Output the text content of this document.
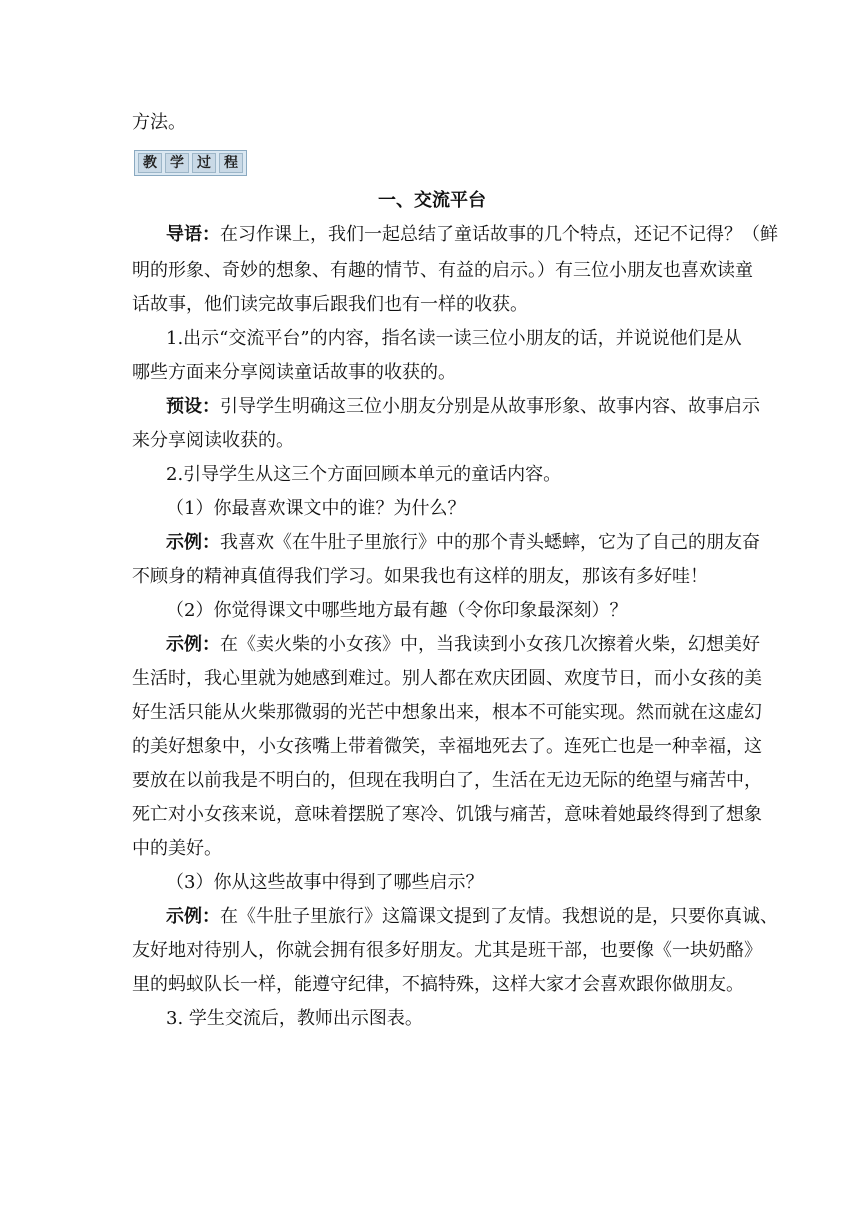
方法。
教 学 过 程
一、交流平台
导语：在习作课上，我们一起总结了童话故事的几个特点，还记不记得？（鲜
明的形象、奇妙的想象、有趣的情节、有益的启示。）有三位小朋友也喜欢读童
话故事，他们读完故事后跟我们也有一样的收获。
1.出示“交流平台”的内容，指名读一读三位小朋友的话，并说说他们是从
哪些方面来分享阅读童话故事的收获的。
预设：引导学生明确这三位小朋友分别是从故事形象、故事内容、故事启示
来分享阅读收获的。
2.引导学生从这三个方面回顾本单元的童话内容。
（1）你最喜欢课文中的谁？为什么？
示例：我喜欢《在牛肚子里旅行》中的那个青头蟋蟀，它为了自己的朋友奋
不顾身的精神真值得我们学习。如果我也有这样的朋友，那该有多好哇！
（2）你觉得课文中哪些地方最有趣（令你印象最深刻）？
示例：在《卖火柴的小女孩》中，当我读到小女孩几次擦着火柴，幻想美好
生活时，我心里就为她感到难过。别人都在欢庆团圆、欢度节日，而小女孩的美
好生活只能从火柴那微弱的光芒中想象出来，根本不可能实现。然而就在这虚幻
的美好想象中，小女孩嘴上带着微笑，幸福地死去了。连死亡也是一种幸福，这
要放在以前我是不明白的，但现在我明白了，生活在无边无际的绝望与痛苦中，
死亡对小女孩来说，意味着摆脱了寒冷、饥饿与痛苦，意味着她最终得到了想象
中的美好。
（3）你从这些故事中得到了哪些启示？
示例：在《牛肚子里旅行》这篇课文提到了友情。我想说的是，只要你真诚、
友好地对待别人，你就会拥有很多好朋友。尤其是班干部，也要像《一块奶酪》
里的蚂蚁队长一样，能遵守纪律，不搞特殊，这样大家才会喜欢跟你做朋友。
3. 学生交流后，教师出示图表。
